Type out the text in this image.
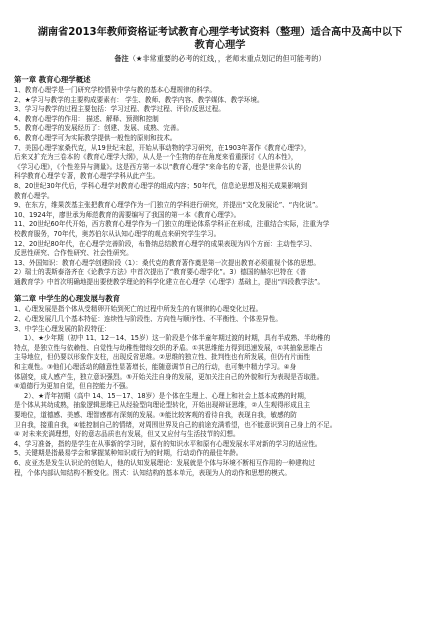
湖南省2013年教师资格证考试教育心理学考试资料（整理）适合高中及高中以下
教育心理学
备注（★非常重要的必考的红线，，老师末重点划记的但可能考的）
第一章 教育心理学概述
1、教育心理学是一门研究学校情景中学与教的基本心理规律的科学。
2、★学习与教学的主要构成要素有： 学生、教师、教学内容、教学媒体、教学环境。
3、学习与教学的过程主要包括：学习过程、教学过程、评价/反思过程。
4、教育心理学的作用： 描述、解释、预测和控制
5、教育心理学的发展经历了：创建、发展、成熟、完善。
6、教育心理学可为实际教学提供一般性的原则和技术。
7、美国心理学家桑代克，从19世纪末起，开始从事动物的学习研究，在1903年著作《教育心理学》，
后来又扩充为三卷本的《教育心理学大纲》，从人是一个生物的存在角度来看重探讨《人的本性》，
《学习心理》，《个性差异与测量》。这是西方第一本以“教育心理学”来命名的专著，也是世界公认的
科学教育心理学专著，教育心理学学科从此产生。
8、20世纪30年代后，学科心理学对教育心理学的组成内容；50年代，信息论思想及相关成果影响到
教育心理学。
9、在东方，维果茨基主张把教育心理学作为一门独立的学科进行研究，并提出“文化发展论”、“内化说”。
10、1924年，廖世承为师范教育的需要编写了我国的第一本《教育心理学》。
11、20世纪60年代开始，西方教育心理学作为一门独立的理论体系学科正在形成，注重结合实际，注重为学
校教育服务，70年代，奥苏伯尔从认知心理学的观点来研究学生学习。
12、20世纪80年代，在心理学完善阶段，布鲁纳总结教育心理学的成果表现为四个方面：主动性学习、
反思性研究、合作性研究、社会性研究。
13、外国知识：教育心理学创建阶段（1）：桑代克的教育著作奠是第一次提出教育必须重视个体的思想。
2）瑞士的裴斯泰洛齐在《论教学方法》中首次提出了“教育要心理学化”。3）德国的赫尔巴特在《普
通教育学》中首次明确地提出要使教学理论的科学化建立在心理学（心理学）基础上，提出“四段教学法”。
第二章 中学生的心理发展与教育
1、心理发展是指个体从受精卵开始到死亡的过程中所发生的有规律的心理变化过程。
2、心理发展几几个基本特征：连续性与阶段性、方向性与顺序性、不平衡性、个体差异性。
3、中学生心理发展的阶段特征：
1）、★少年期（初中 11、12－14、15岁）这一阶段是个体半童年期过渡的时期，具有半成熟、半幼稚的
特点，是独立性与依赖性、自觉性与幼稚性错综交织的矛盾。①其思维能力得到迅速发展，①其抽象思维占
主导地位，但仍要以形象作支柱，出现反省思维。②思维的独立性、批判性也有所发展，但仍有片面性
和主观性。③他们心理活动的随意性显著增长，能随意调节自己的行动，也可集中精力学习。④身
体剧变，成人感产生，独立意识强烈。⑤开始关注自身的发展，更加关注自己的外貌和行为表现是否取胜。
⑥道德行为更加自觉，但自控能力不强。
2）、★青年初期（高中 14、15－17、18岁）是个体在生理上、心理上和社会上基本成熟的时期，
是个体从其幼成熟，抽象逻辑思维已从经验型向理论型转化，开始出现辩证思维，②人生观得形成且主
要地位，道德感、美感、理智感都有深刻的发展。③能比较客观的看待自我，表现自我，敏感的防
卫自我，接重自我，④能控制自己的情绪，对周围世界及自己的前途充满希望，也不能意识到自己身上的不足。
④ 对未来充满理想，好的意志品质也有发展，但又又应付与生活技节的幻想。
4、学习准备，指的是学生在从事新的学习时，原有的知识水平和原有心理发展水平对新的学习的适应性。
5、关键期是指最易学会和掌握某种知识或行为的时期，行动动作的最佳年龄。
6、皮亚杰是发生认识论的创始人，他的认知发展理论：发展就是个体与环境不断相互作用的一种建构过
程，个体内部认知结构不断变化。图式：认知结构的基本单元，表现为人的动作和思想的模式。
